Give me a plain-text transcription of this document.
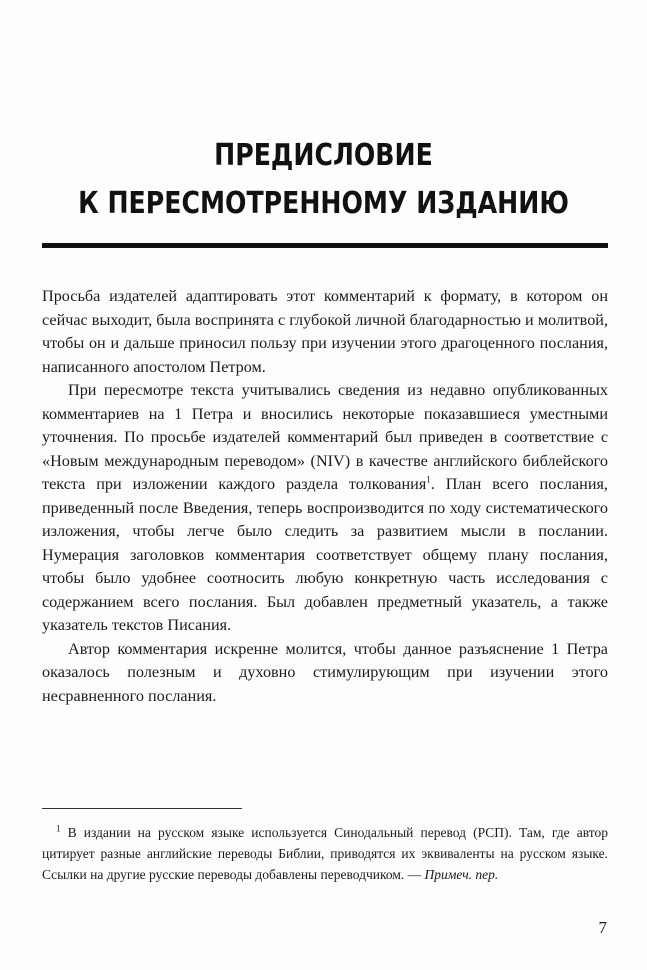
ПРЕДИСЛОВИЕ
К ПЕРЕСМОТРЕННОМУ ИЗДАНИЮ

Просьба издателей адаптировать этот комментарий к формату, в котором он сейчас выходит, была воспринята с глубокой личной благодарностью и молитвой, чтобы он и дальше приносил пользу при изучении этого драгоценного послания, написанного апостолом Петром.

При пересмотре текста учитывались сведения из недавно опубликованных комментариев на 1 Петра и вносились некоторые показавшиеся уместными уточнения. По просьбе издателей комментарий был приведен в соответствие с «Новым международным переводом» (NIV) в качестве английского библейского текста при изложении каждого раздела толкования$^1$. План всего послания, приведенный после Введения, теперь воспроизводится по ходу систематического изложения, чтобы легче было следить за развитием мысли в послании. Нумерация заголовков комментария соответствует общему плану послания, чтобы было удобнее соотносить любую конкретную часть исследования с содержанием всего послания. Был добавлен предметный указатель, а также указатель текстов Писания.

Автор комментария искренне молится, чтобы данное разъяснение 1 Петра оказалось полезным и духовно стимулирующим при изучении этого несравненного послания.

$^1$ В издании на русском языке используется Синодальный перевод (РСП). Там, где автор цитирует разные английские переводы Библии, приводятся их эквиваленты на русском языке. Ссылки на другие русские переводы добавлены переводчиком. — Примеч. пер.

7
